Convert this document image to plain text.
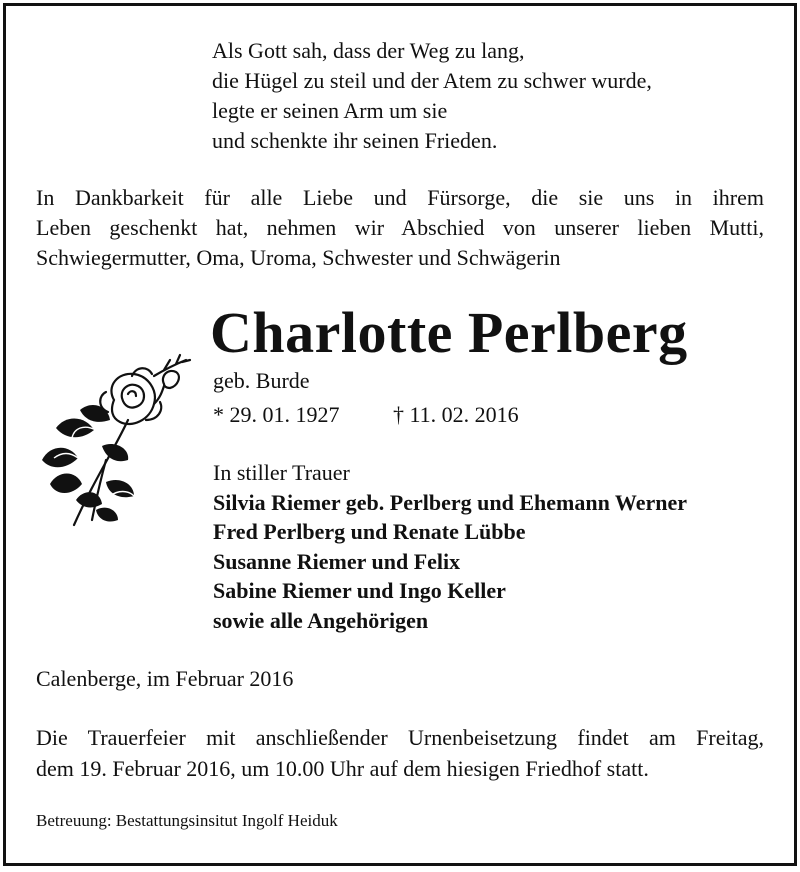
Als Gott sah, dass der Weg zu lang,
die Hügel zu steil und der Atem zu schwer wurde,
legte er seinen Arm um sie
und schenkte ihr seinen Frieden.
In Dankbarkeit für alle Liebe und Fürsorge, die sie uns in ihrem
Leben geschenkt hat, nehmen wir Abschied von unserer lieben Mutti,
Schwiegermutter, Oma, Uroma, Schwester und Schwägerin
Charlotte Perlberg
geb. Burde
* 29. 01. 1927 † 11. 02. 2016
In stiller Trauer
Silvia Riemer geb. Perlberg und Ehemann Werner
Fred Perlberg und Renate Lübbe
Susanne Riemer und Felix
Sabine Riemer und Ingo Keller
sowie alle Angehörigen
Calenberge, im Februar 2016
Die Trauerfeier mit anschließender Urnenbeisetzung findet am Freitag,
dem 19. Februar 2016, um 10.00 Uhr auf dem hiesigen Friedhof statt.
Betreuung: Bestattungsinsitut Ingolf Heiduk
